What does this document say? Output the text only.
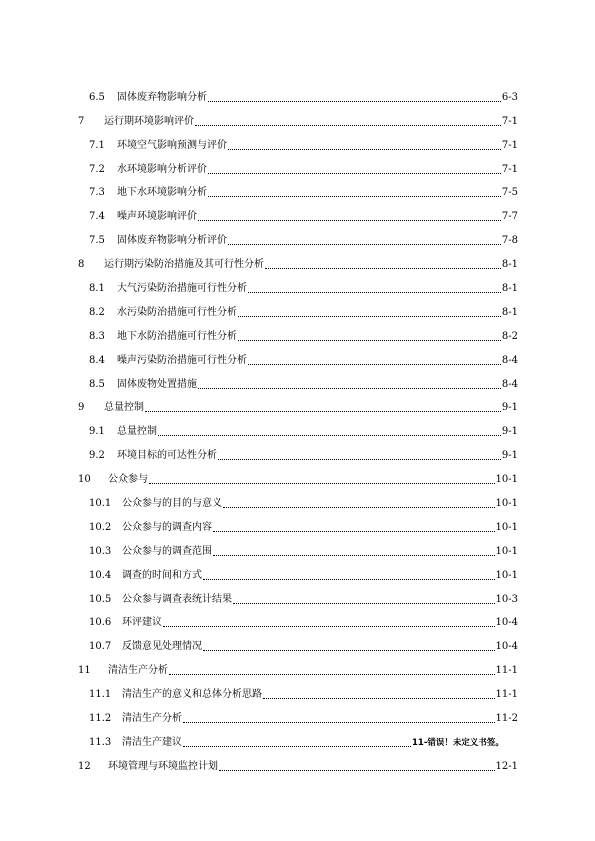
6.5	固体废弃物影响分析	6-3
7	运行期环境影响评价	7-1
7.1	环境空气影响预测与评价	7-1
7.2	水环境影响分析评价	7-1
7.3	地下水环境影响分析	7-5
7.4	噪声环境影响评价	7-7
7.5	固体废弃物影响分析评价	7-8
8	运行期污染防治措施及其可行性分析	8-1
8.1	大气污染防治措施可行性分析	8-1
8.2	水污染防治措施可行性分析	8-1
8.3	地下水防治措施可行性分析	8-2
8.4	噪声污染防治措施可行性分析	8-4
8.5	固体废物处置措施	8-4
9	总量控制	9-1
9.1	总量控制	9-1
9.2	环境目标的可达性分析	9-1
10	公众参与	10-1
10.1	公众参与的目的与意义	10-1
10.2	公众参与的调查内容	10-1
10.3	公众参与的调查范围	10-1
10.4	调查的时间和方式	10-1
10.5	公众参与调查表统计结果	10-3
10.6	环评建议	10-4
10.7	反馈意见处理情况	10-4
11	清洁生产分析	11-1
11.1	清洁生产的意义和总体分析思路	11-1
11.2	清洁生产分析	11-2
11.3	清洁生产建议	11-错误！未定义书签。
12	环境管理与环境监控计划	12-1
